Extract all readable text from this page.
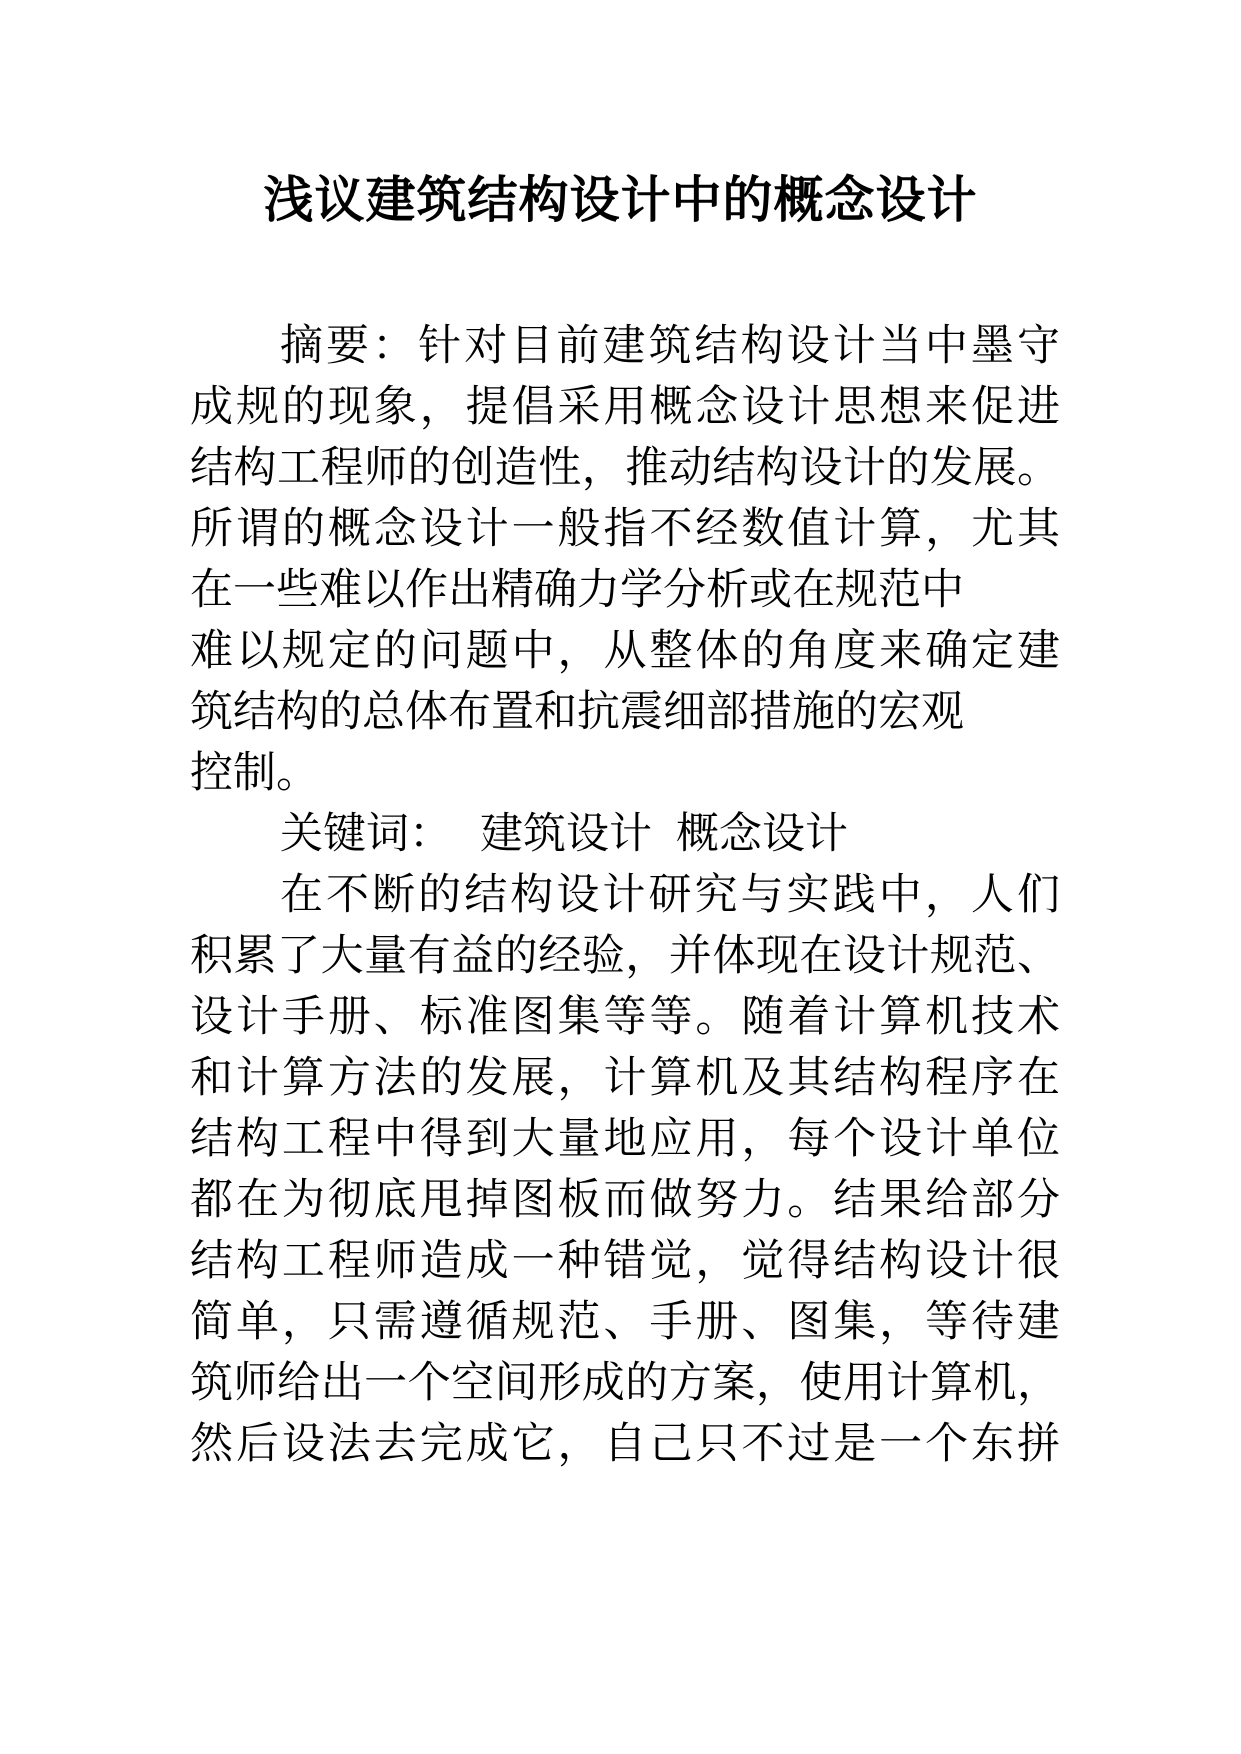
浅议建筑结构设计中的概念设计
摘要：针对目前建筑结构设计当中墨守
成规的现象，提倡采用概念设计思想来促进
结构工程师的创造性，推动结构设计的发展。
所谓的概念设计一般指不经数值计算，尤其
在一些难以作出精确力学分析或在规范中
难以规定的问题中，从整体的角度来确定建
筑结构的总体布置和抗震细部措施的宏观
控制。
关键词： 建筑设计 概念设计
在不断的结构设计研究与实践中，人们
积累了大量有益的经验，并体现在设计规范、
设计手册、标准图集等等。随着计算机技术
和计算方法的发展，计算机及其结构程序在
结构工程中得到大量地应用，每个设计单位
都在为彻底甩掉图板而做努力。结果给部分
结构工程师造成一种错觉，觉得结构设计很
简单，只需遵循规范、手册、图集，等待建
筑师给出一个空间形成的方案，使用计算机，
然后设法去完成它，自己只不过是一个东拼
